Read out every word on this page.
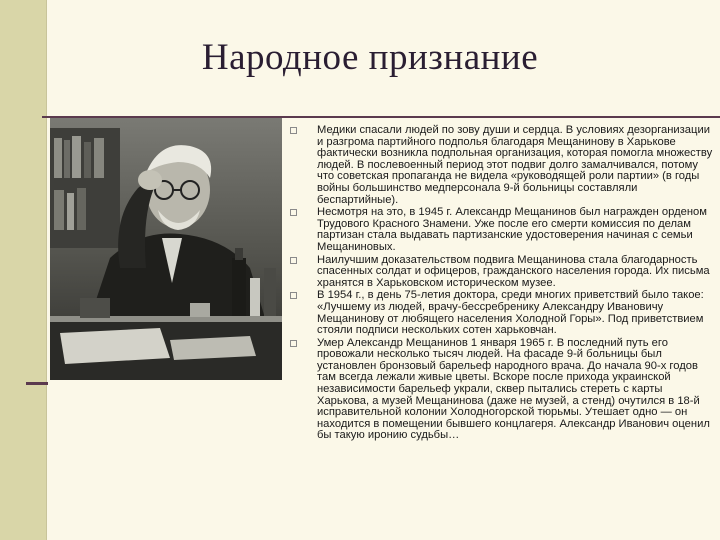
Народное признание
Медики спасали людей по зову души и сердца. В условиях дезорганизации и разгрома партийного подполья благодаря Мещанинову в Харькове фактически возникла подпольная организация, которая помогла множеству людей. В послевоенный период этот подвиг долго замалчивался, потому что советская пропаганда не видела «руководящей роли партии» (в годы войны большинство медперсонала 9-й больницы составляли беспартийные).
Несмотря на это, в 1945 г. Александр Мещанинов был награжден орденом Трудового Красного Знамени. Уже после его смерти комиссия по делам партизан стала выдавать партизанские удостоверения начиная с семьи Мещаниновых.
Наилучшим доказательством подвига Мещанинова стала благодарность спасенных солдат и офицеров, гражданского населения города. Их письма хранятся в Харьковском историческом музее.
В 1954 г., в день 75-летия доктора, среди многих приветствий было такое: «Лучшему из людей, врачу-бессребренику Александру Ивановичу Мещанинову от любящего населения Холодной Горы». Под приветствием стояли подписи нескольких сотен харьковчан.
Умер Александр Мещанинов 1 января 1965 г. В последний путь его провожали несколько тысяч людей. На фасаде 9-й больницы был установлен бронзовый барельеф народного врача. До начала 90-х годов там всегда лежали живые цветы. Вскоре после прихода украинской независимости барельеф украли, сквер пытались стереть с карты Харькова, а музей Мещанинова (даже не музей, а стенд) очутился в 18-й исправительной колонии Холодногорской тюрьмы. Утешает одно — он находится в помещении бывшего концлагеря. Александр Иванович оценил бы такую иронию судьбы…
